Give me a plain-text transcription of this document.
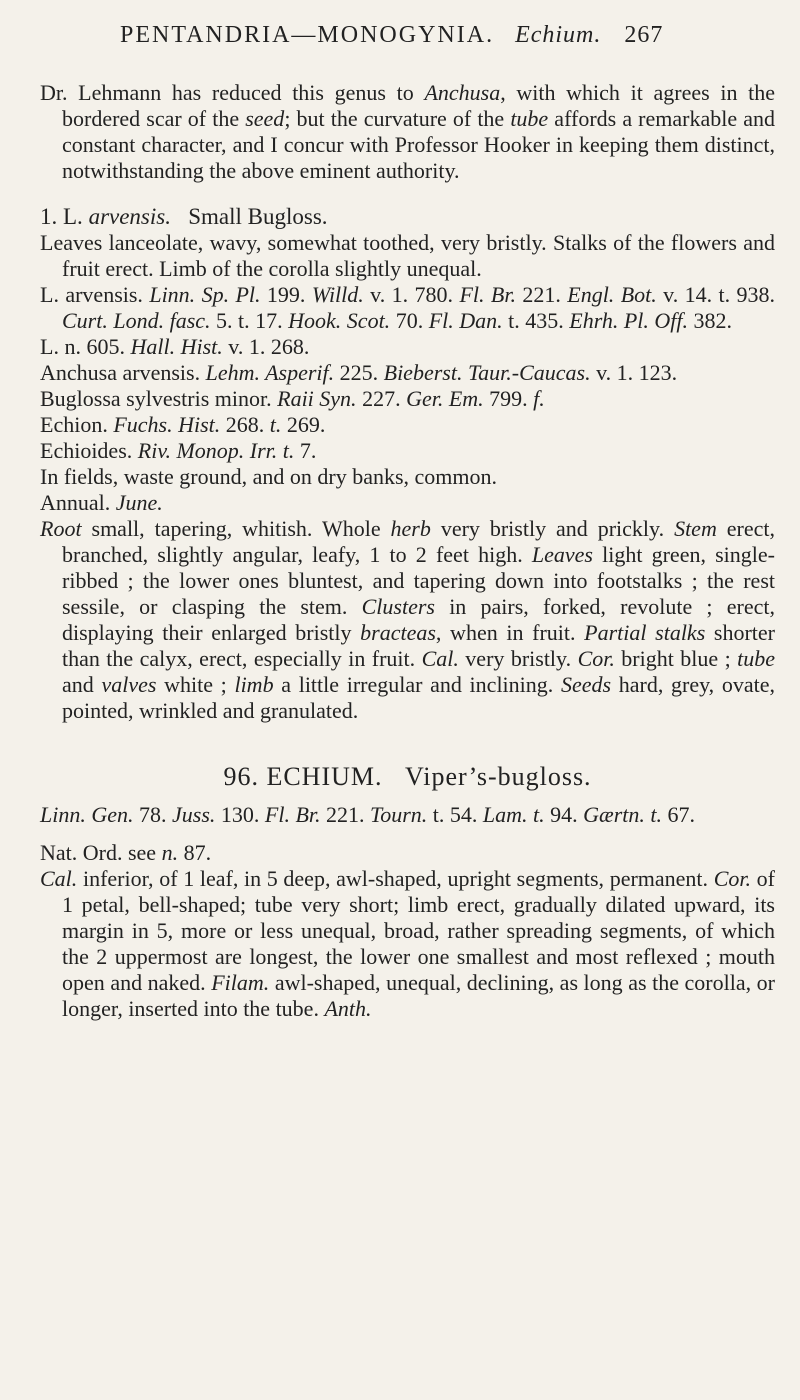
PENTANDRIA—MONOGYNIA. Echium. 267

Dr. Lehmann has reduced this genus to Anchusa, with which it agrees in the bordered scar of the seed; but the curvature of the tube affords a remarkable and constant character, and I concur with Professor Hooker in keeping them distinct, notwithstanding the above eminent authority.

1. L. arvensis. Small Bugloss.

Leaves lanceolate, wavy, somewhat toothed, very bristly. Stalks of the flowers and fruit erect. Limb of the corolla slightly unequal.

L. arvensis. Linn. Sp. Pl. 199. Willd. v. 1. 780. Fl. Br. 221. Engl. Bot. v. 14. t. 938. Curt. Lond. fasc. 5. t. 17. Hook. Scot. 70. Fl. Dan. t. 435. Ehrh. Pl. Off. 382.

L. n. 605. Hall. Hist. v. 1. 268.

Anchusa arvensis. Lehm. Asperif. 225. Bieberst. Taur.-Caucas. v. 1. 123.

Buglossa sylvestris minor. Raii Syn. 227. Ger. Em. 799. f.

Echion. Fuchs. Hist. 268. t. 269.

Echioides. Riv. Monop. Irr. t. 7.

In fields, waste ground, and on dry banks, common.

Annual. June.

Root small, tapering, whitish. Whole herb very bristly and prickly. Stem erect, branched, slightly angular, leafy, 1 to 2 feet high. Leaves light green, single-ribbed ; the lower ones bluntest, and tapering down into footstalks ; the rest sessile, or clasping the stem. Clusters in pairs, forked, revolute ; erect, displaying their enlarged bristly bracteas, when in fruit. Partial stalks shorter than the calyx, erect, especially in fruit. Cal. very bristly. Cor. bright blue ; tube and valves white ; limb a little irregular and inclining. Seeds hard, grey, ovate, pointed, wrinkled and granulated.

96. ECHIUM. Viper’s-bugloss.

Linn. Gen. 78. Juss. 130. Fl. Br. 221. Tourn. t. 54. Lam. t. 94. Gærtn. t. 67.

Nat. Ord. see n. 87.

Cal. inferior, of 1 leaf, in 5 deep, awl-shaped, upright segments, permanent. Cor. of 1 petal, bell-shaped; tube very short; limb erect, gradually dilated upward, its margin in 5, more or less unequal, broad, rather spreading segments, of which the 2 uppermost are longest, the lower one smallest and most reflexed ; mouth open and naked. Filam. awl-shaped, unequal, declining, as long as the corolla, or longer, inserted into the tube. Anth.
